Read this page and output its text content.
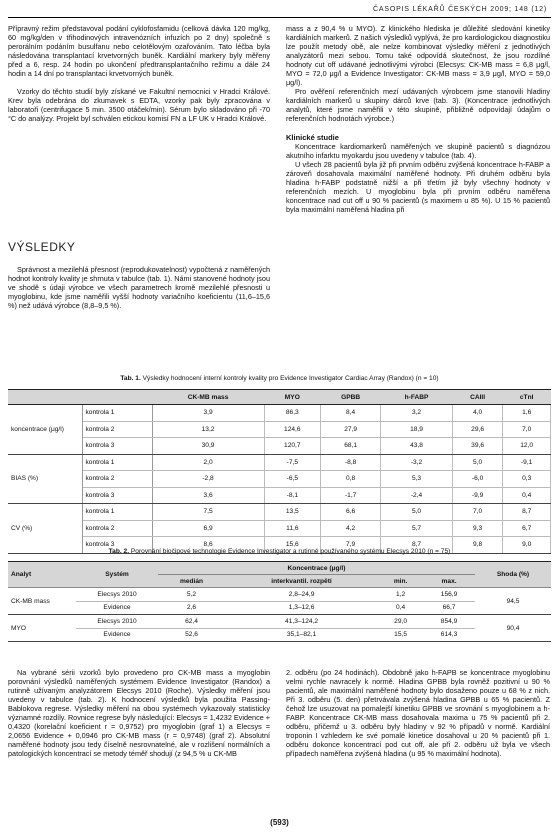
ČASOPIS LÉKAŘŮ ČESKÝCH 2009; 148 (12)

Přípravný režim představoval podání cyklofosfamidu (celková dávka 120 mg/kg, 60 mg/kg/den v třihodinových intravenózních infuzích po 2 dny) společně s perorálním podáním busulfanu nebo celotělovým ozařováním. Tato léčba byla následována transplantací krvetvorných buněk. Kardiální markery byly měřeny před a 6, resp. 24 hodin po ukončení předtransplantačního režimu a dále 24 hodin a 14 dní po transplantaci krvetvorných buněk.

Vzorky do těchto studií byly získané ve Fakultní nemocnici v Hradci Králové. Krev byla odebrána do zkumavek s EDTA, vzorky pak byly zpracována v laboratoři (centrifugace 5 min. 3500 otáček/min). Sérum bylo skladováno při -70 °C do analýzy. Projekt byl schválen etickou komisí FN a LF UK v Hradci Králové.

VÝSLEDKY

Správnost a mezilehlá přesnost (reprodukovatelnost) vypočtená z naměřených hodnot kontroly kvality je shrnuta v tabulce (tab. 1). Námi stanovené hodnoty jsou ve shodě s údaji výrobce ve všech parametrech kromě mezilehlé přesnosti u myoglobinu, kde jsme naměřili vyšší hodnoty variačního koeficientu (11,6–15,6 %) než udává výrobce (8,8–9,5 %).

mass a z 90,4 % u MYO). Z klinického hlediska je důležité sledování kinetiky kardiálních markerů. Z našich výsledků vyplývá, že pro kardiologickou diagnostiku lze použít metody obě, ale nelze kombinovat výsledky měření z jednotlivých analyzátorů mezi sebou. Tomu také odpovídá skutečnost, že jsou rozdílné hodnoty cut off udávané jednotlivými výrobci (Elecsys: CK-MB mass = 6,8 μg/l, MYO = 72,0 μg/l a Evidence Investigator: CK-MB mass = 3,9 μg/l, MYO = 59,0 μg/l).

Pro ověření referenčních mezí udávaných výrobcem jsme stanovili hladiny kardiálních markerů u skupiny dárců krve (tab. 3). (Koncentrace jednotlivých analytů, které jsme naměřili v této skupině, přibližně odpovídají údajům o referenčních hodnotách výrobce.)

Klinické studie

Koncentrace kardiomarkerů naměřených ve skupině pacientů s diagnózou akutního infarktu myokardu jsou uvedeny v tabulce (tab. 4).

U všech 28 pacientů byla již při prvním odběru zvýšená koncentrace h-FABP a zároveň dosahovala maximální naměřené hodnoty. Při druhém odběru byla hladina h-FABP podstatně nižší a při třetím již byly všechny hodnoty v referenčních mezích. U myoglobinu byla při prvním odběru naměřena koncentrace nad cut off u 90 % pacientů (s maximem u 85 %). U 15 % pacientů byla maximální naměřená hladina při

Tab. 1. Výsledky hodnocení interní kontroly kvality pro Evidence Investigator Cardiac Array (Randox) (n = 10)
		CK-MB mass	MYO	GPBB	h-FABP	CAIII	cTnI
koncentrace (μg/l)	kontrola 1	3,9	86,3	8,4	3,2	4,0	1,6
	kontrola 2	13,2	124,6	27,9	18,9	29,6	7,0
	kontrola 3	30,9	120,7	68,1	43,8	39,6	12,0
BIAS (%)	kontrola 1	2,0	-7,5	-8,8	-3,2	5,0	-9,1
	kontrola 2	-2,8	-6,5	0,8	5,3	-6,0	0,3
	kontrola 3	3,6	-8,1	-1,7	-2,4	-9,9	0,4
CV (%)	kontrola 1	7,5	13,5	6,6	5,0	7,0	8,7
	kontrola 2	6,9	11,6	4,2	5,7	9,3	6,7
	kontrola 3	8,6	15,6	7,9	8,7	9,8	9,0
Tab. 2. Porovnání biočipové technologie Evidence Investigator a rutinně používaného systému Elecsys 2010 (n = 75)
Analyt	Systém	Koncentrace (μg/l)				Shoda (%)
		medián	interkvantil. rozpětí	min.	max.	
CK-MB mass	Elecsys 2010	5,2	2,8–24,9	1,2	156,9	94,5
	Evidence	2,6	1,3–12,6	0,4	66,7	
MYO	Elecsys 2010	62,4	41,3–124,2	29,0	854,9	90,4
	Evidence	52,6	35,1–82,1	15,5	614,3	

Na vybrané sérii vzorků bylo provedeno pro CK-MB mass a myoglobin porovnání výsledků naměřených systémem Evidence Investigator (Randox) a rutinně užívaným analyzátorem Elecsys 2010 (Roche). Výsledky měření jsou uvedeny v tabulce (tab. 2). K hodnocení výsledků byla použita Passing-Bablokova regrese. Výsledky měření na obou systémech vykazovaly statisticky významné rozdíly. Rovnice regrese byly následující: Elecsys = 1,4232 Evidence + 0,4320 (korelační koeficient r = 0,9752) pro myoglobin (graf 1) a Elecsys = 2,0656 Evidence + 0,0946 pro CK-MB mass (r = 0,9748) (graf 2). Absolutní naměřené hodnoty jsou tedy číselně nesrovnatelné, ale v rozlišení normálních a patologických koncentrací se metody téměř shodují (z 94,5 % u CK-MB

2. odběru (po 24 hodinách). Obdobně jako h-FAPB se koncentrace myoglobinu velmi rychle navracely k normě. Hladina GPBB byla rovněž pozitivní u 90 % pacientů, ale maximální naměřené hodnoty bylo dosaženo pouze u 68 % z nich. Při 3. odběru (5. den) přetrvávala zvýšená hladina GPBB u 65 % pacientů. Z čehož lze usuzovat na pomalejší kinetiku GPBB ve srovnání s myoglobinem a h-FABP. Koncentrace CK-MB mass dosahovala maxima u 75 % pacientů při 2. odběru, přičemž u 3. odběru byly hladiny v 92 % případů v normě. Kardiální troponin I vzhledem ke své pomalé kinetice dosahoval u 20 % pacientů při 1. odběru dokonce koncentrací pod cut off, ale při 2. odběru už byla ve všech případech naměřena zvýšená hladina (u 95 % maximální hodnota).

(593)
